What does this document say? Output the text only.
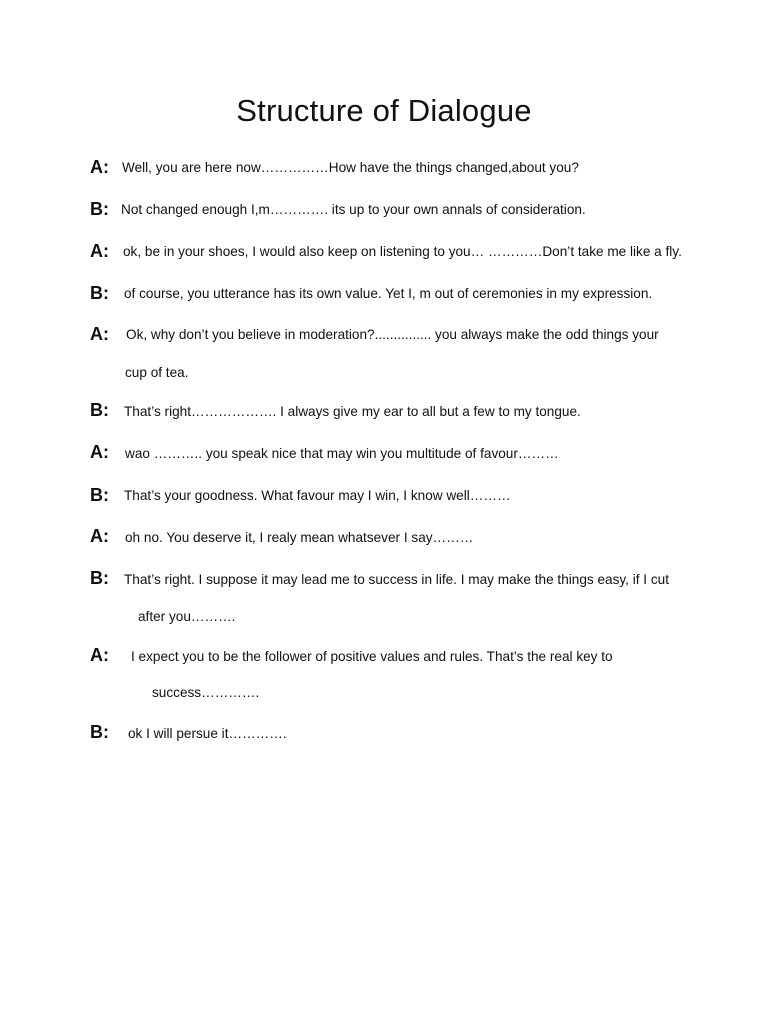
Structure of Dialogue
A: Well, you are here now……………How have the things changed,about you?
B: Not changed enough I,m…………. its up to your own annals of consideration.
A: ok, be in your shoes, I would also keep on listening to you… …………Don’t take me like a fly.
B: of course, you utterance has its own value. Yet I, m out of ceremonies in my expression.
A: Ok, why don’t you believe in moderation?............... you always make the odd things your
cup of tea.
B: That’s right………………. I always give my ear to all but a few to my tongue.
A: wao ……….. you speak nice that may win you multitude of favour………
B: That’s your goodness. What favour may I win, I know well………
A: oh no. You deserve it, I realy mean whatsever I say………
B: That’s right. I suppose it may lead me to success in life. I may make the things easy, if I cut
after you……….
A: I expect you to be the follower of positive values and rules. That’s the real key to
success………….
B: ok I will persue it………….
